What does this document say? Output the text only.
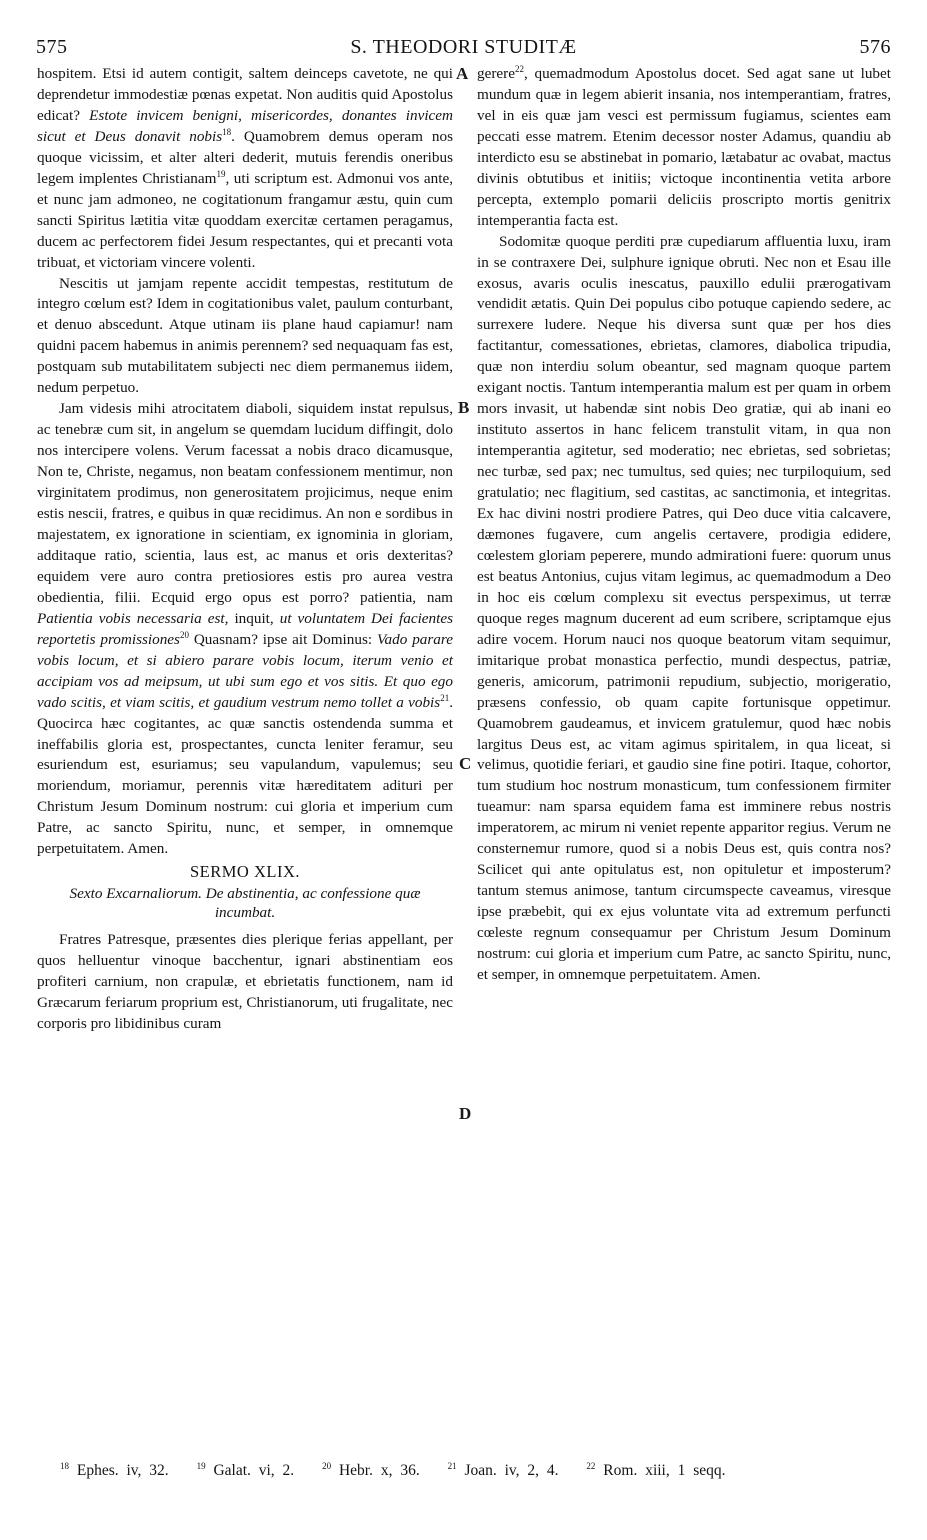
575	S. THEODORI STUDITÆ	576

hospitem. Etsi id autem contigit, saltem deinceps cavetote, ne qui deprendetur immodestiæ pœnas expetat. Non auditis quid Apostolus edicat? Estote invicem benigni, misericordes, donantes invicem sicut et Deus donavit nobis$^{18}$. Quamobrem demus operam nos quoque vicissim, et alter alteri dederit, mutuis ferendis oneribus legem implentes Christianam$^{19}$, uti scriptum est. Admonui vos ante, et nunc jam admoneo, ne cogitationum frangamur æstu, quin cum sancti Spiritus lætitia vitæ quoddam exercitæ certamen peragamus, ducem ac perfectorem fidei Jesum respectantes, qui et precanti vota tribuat, et victoriam vincere volenti.

Nescitis ut jamjam repente accidit tempestas, restitutum de integro cœlum est? Idem in cogitationibus valet, paulum conturbant, et denuo abscedunt. Atque utinam iis plane haud capiamur! nam quidni pacem habemus in animis perennem? sed nequaquam fas est, postquam sub mutabilitatem subjecti nec diem permanemus iidem, nedum perpetuo.

Jam videsis mihi atrocitatem diaboli, siquidem instat repulsus, ac tenebræ cum sit, in angelum se quemdam lucidum diffingit, dolo nos intercipere volens. Verum facessat a nobis draco dicamusque, Non te, Christe, negamus, non beatam confessionem mentimur, non virginitatem prodimus, non generositatem projicimus, neque enim estis nescii, fratres, e quibus in quæ recidimus. An non e sordibus in majestatem, ex ignoratione in scientiam, ex ignominia in gloriam, additaque ratio, scientia, laus est, ac manus et oris dexteritas? equidem vere auro contra pretiosiores estis pro aurea vestra obedientia, filii. Ecquid ergo opus est porro? patientia, nam Patientia vobis necessaria est, inquit, ut voluntatem Dei facientes reportetis promissiones$^{20}$ Quasnam? ipse ait Dominus: Vado parare vobis locum, et si abiero parare vobis locum, iterum venio et accipiam vos ad meipsum, ut ubi sum ego et vos sitis. Et quo ego vado scitis, et viam scitis, et gaudium vestrum nemo tollet a vobis$^{21}$. Quocirca hæc cogitantes, ac quæ sanctis ostendenda summa et ineffabilis gloria est, prospectantes, cuncta leniter feramur, seu esuriendum est, esuriamus; seu vapulandum, vapulemus; seu moriendum, moriamur, perennis vitæ hæreditatem adituri per Christum Jesum Dominum nostrum: cui gloria et imperium cum Patre, ac sancto Spiritu, nunc, et semper, in omnemque perpetuitatem. Amen.

SERMO XLIX.
Sexto Excarnaliorum. De abstinentia, ac confessione quæ incumbat.

Fratres Patresque, præsentes dies plerique ferias appellant, per quos helluentur vinoque bacchentur, ignari abstinentiam eos profiteri carnium, non crapulæ, et ebrietatis functionem, nam id Græcarum feriarum proprium est, Christianorum, uti frugalitate, nec corporis pro libidinibus curam

gerere$^{22}$, quemadmodum Apostolus docet. Sed agat sane ut lubet mundum quæ in legem abierit insania, nos intemperantiam, fratres, vel in eis quæ jam vesci est permissum fugiamus, scientes eam peccati esse matrem. Etenim decessor noster Adamus, quandiu ab interdicto esu se abstinebat in pomario, lætabatur ac ovabat, mactus divinis obtutibus et initiis; victoque incontinentia vetita arbore percepta, extemplo pomarii deliciis proscripto mortis genitrix intemperantia facta est.

Sodomitæ quoque perditi præ cupediarum affluentia luxu, iram in se contraxere Dei, sulphure ignique obruti. Nec non et Esau ille exosus, avaris oculis inescatus, pauxillo edulii prærogativam vendidit ætatis. Quin Dei populus cibo potuque capiendo sedere, ac surrexere ludere. Neque his diversa sunt quæ per hos dies factitantur, comessationes, ebrietas, clamores, diabolica tripudia, quæ non interdiu solum obeantur, sed magnam quoque partem exigant noctis. Tantum intemperantia malum est per quam in orbem mors invasit, ut habendæ sint nobis Deo gratiæ, qui ab inani eo instituto assertos in hanc felicem transtulit vitam, in qua non intemperantia agitetur, sed moderatio; nec ebrietas, sed sobrietas; nec turbæ, sed pax; nec tumultus, sed quies; nec turpiloquium, sed gratulatio; nec flagitium, sed castitas, ac sanctimonia, et integritas. Ex hac divini nostri prodiere Patres, qui Deo duce vitia calcavere, dæmones fugavere, cum angelis certavere, prodigia edidere, cœlestem gloriam peperere, mundo admirationi fuere: quorum unus est beatus Antonius, cujus vitam legimus, ac quemadmodum a Deo in hoc eis cœlum complexu sit evectus perspeximus, ut terræ quoque reges magnum ducerent ad eum scribere, scriptamque ejus adire vocem. Horum nauci nos quoque beatorum vitam sequimur, imitarique probat monastica perfectio, mundi despectus, patriæ, generis, amicorum, patrimonii repudium, subjectio, morigeratio, præsens confessio, ob quam capite fortunisque oppetimur. Quamobrem gaudeamus, et invicem gratulemur, quod hæc nobis largitus Deus est, ac vitam agimus spiritalem, in qua liceat, si velimus, quotidie feriari, et gaudio sine fine potiri. Itaque, cohortor, tum studium hoc nostrum monasticum, tum confessionem firmiter tueamur: nam sparsa equidem fama est imminere rebus nostris imperatorem, ac mirum ni veniet repente apparitor regius. Verum ne consternemur rumore, quod si a nobis Deus est, quis contra nos? Scilicet qui ante opitulatus est, non opituletur et imposterum? tantum stemus animose, tantum circumspecte caveamus, viresque ipse præbebit, qui ex ejus voluntate vita ad extremum perfuncti cœleste regnum consequamur per Christum Jesum Dominum nostrum: cui gloria et imperium cum Patre, ac sancto Spiritu, nunc, et semper, in omnemque perpetuitatem. Amen.

A
B
C
D
$^{18}$ Ephes. iv, 32.	$^{19}$ Galat. vi, 2.	$^{20}$ Hebr. x, 36.	$^{21}$ Joan. iv, 2, 4.	$^{22}$ Rom. xiii, 1 seqq.
